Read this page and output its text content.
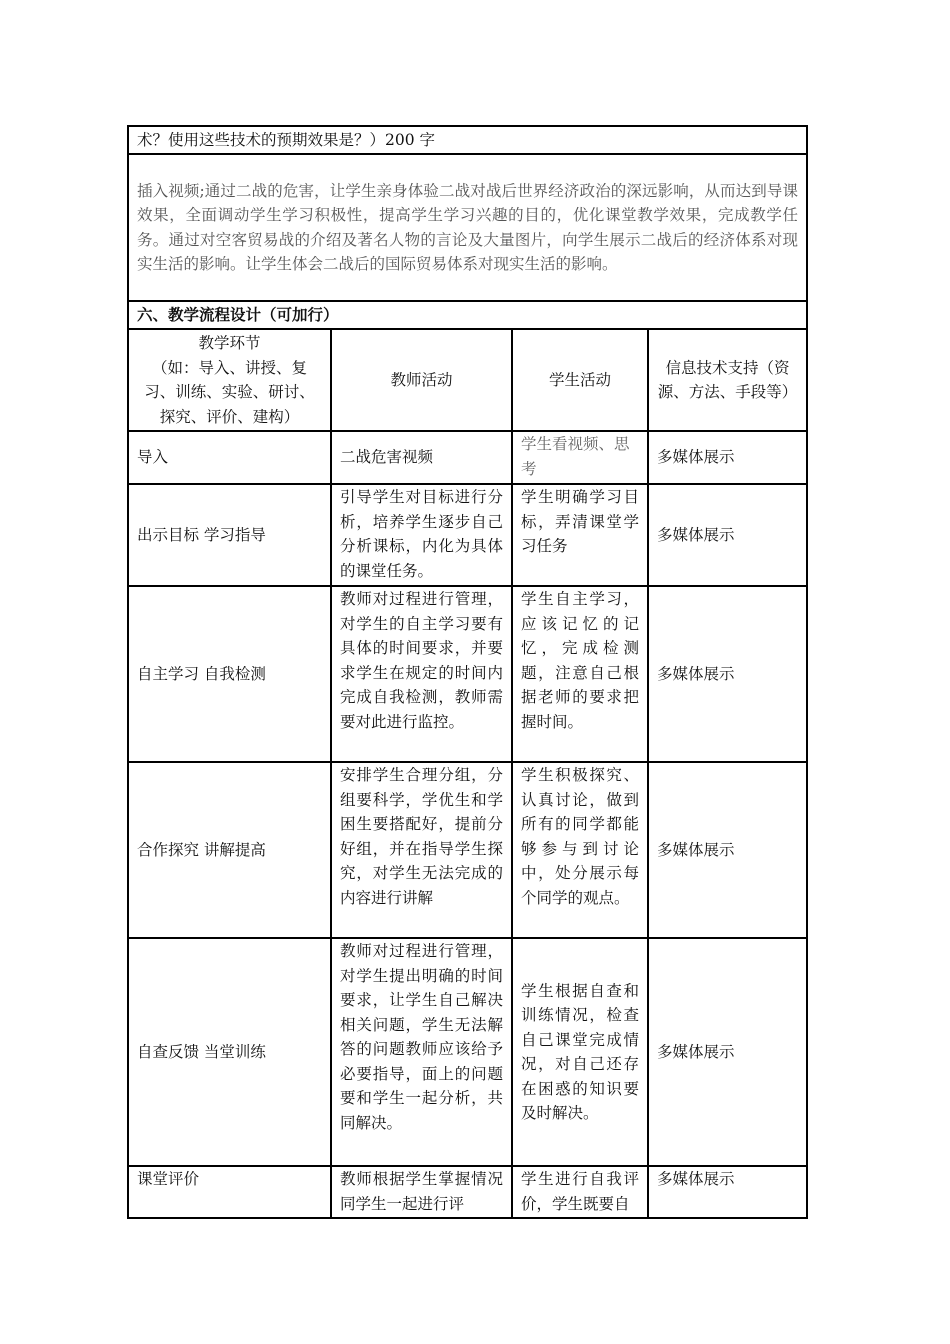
术？使用这些技术的预期效果是？）200 字			
插入视频;通过二战的危害，让学生亲身体验二战对战后世界经济政治的深远影响，从而达到导课效果，全面调动学生学习积极性，提高学生学习兴趣的目的，优化课堂教学效果，完成教学任务。通过对空客贸易战的介绍及著名人物的言论及大量图片，向学生展示二战后的经济体系对现实生活的影响。让学生体会二战后的国际贸易体系对现实生活的影响。			
六、教学流程设计（可加行）			

教学环节
（如：导入、讲授、复习、训练、实验、研讨、探究、评价、建构）	教师活动	学生活动	信息技术支持（资源、方法、手段等）
导入	二战危害视频	学生看视频、思考	多媒体展示
出示目标 学习指导	引导学生对目标进行分析，培养学生逐步自己分析课标，内化为具体的课堂任务。	学生明确学习目标，弄清课堂学习任务	多媒体展示
自主学习 自我检测	教师对过程进行管理，对学生的自主学习要有具体的时间要求，并要求学生在规定的时间内完成自我检测，教师需要对此进行监控。	学生自主学习，应该记忆的记忆，完成检测题，注意自己根据老师的要求把握时间。	多媒体展示
合作探究 讲解提高	安排学生合理分组，分组要科学，学优生和学困生要搭配好，提前分好组，并在指导学生探究，对学生无法完成的内容进行讲解	学生积极探究、认真讨论，做到所有的同学都能够参与到讨论中，处分展示每个同学的观点。	多媒体展示
自查反馈 当堂训练	教师对过程进行管理，对学生提出明确的时间要求，让学生自己解决相关问题，学生无法解答的问题教师应该给予必要指导，面上的问题要和学生一起分析，共同解决。	学生根据自查和训练情况，检查自己课堂完成情况，对自己还存在困惑的知识要及时解决。	多媒体展示
课堂评价	教师根据学生掌握情况同学生一起进行评	学生进行自我评价，学生既要自	多媒体展示
